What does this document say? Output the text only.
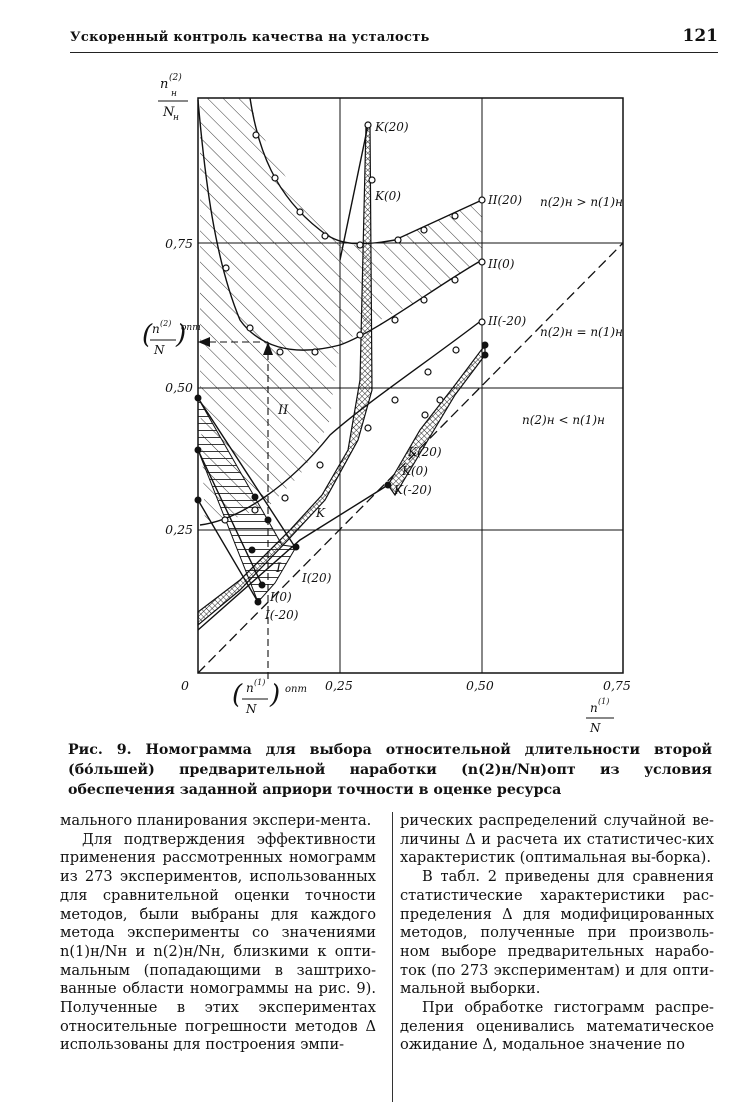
Ускоренный контроль качества на усталость	121
n (2)
н
N
н
0,75
0,50
0,25
( n (2)
N )
опт
0	0,25	0,50	0,75
( n (1)
N ) опт
n (1)
N
K(20)
K(0)
K
II(20)
II(0)
II(-20)
I(20)
I(0)
I(-20)
I
II
K(20)
K(0)
K(-20)
n(2)н > n(1)н
n(2)н = n(1)н
n(2)н < n(1)н
Рис. 9. Номограмма для выбора относительной длительности второй (бо́льшей) предварительной наработки (n(2)н/Nн)опт из условия обеспечения заданной априори точности в оценке ресурса

мального планирования экспери-мента.

Для подтверждения эффективности применения рассмотренных номограмм из 273 экспериментов, использованных для сравнительной оценки точности методов, были выбраны для каждого метода эксперименты со значениями n(1)н/Nн и n(2)н/Nн, близкими к опти-мальным (попадающими в заштрихо-ванные области номограммы на рис. 9). Полученные в этих экспериментах относительные погрешности методов Δ использованы для построения эмпи-

рических распределений случайной ве-личины Δ и расчета их статистичес-ких характеристик (оптимальная вы-борка).

В табл. 2 приведены для сравнения статистические характеристики рас-пределения Δ для модифицированных методов, полученные при произволь-ном выборе предварительных нарабо-ток (по 273 экспериментам) и для опти-мальной выборки.

При обработке гистограмм распре-деления оценивались математическое ожидание Δ, модальное значение по
